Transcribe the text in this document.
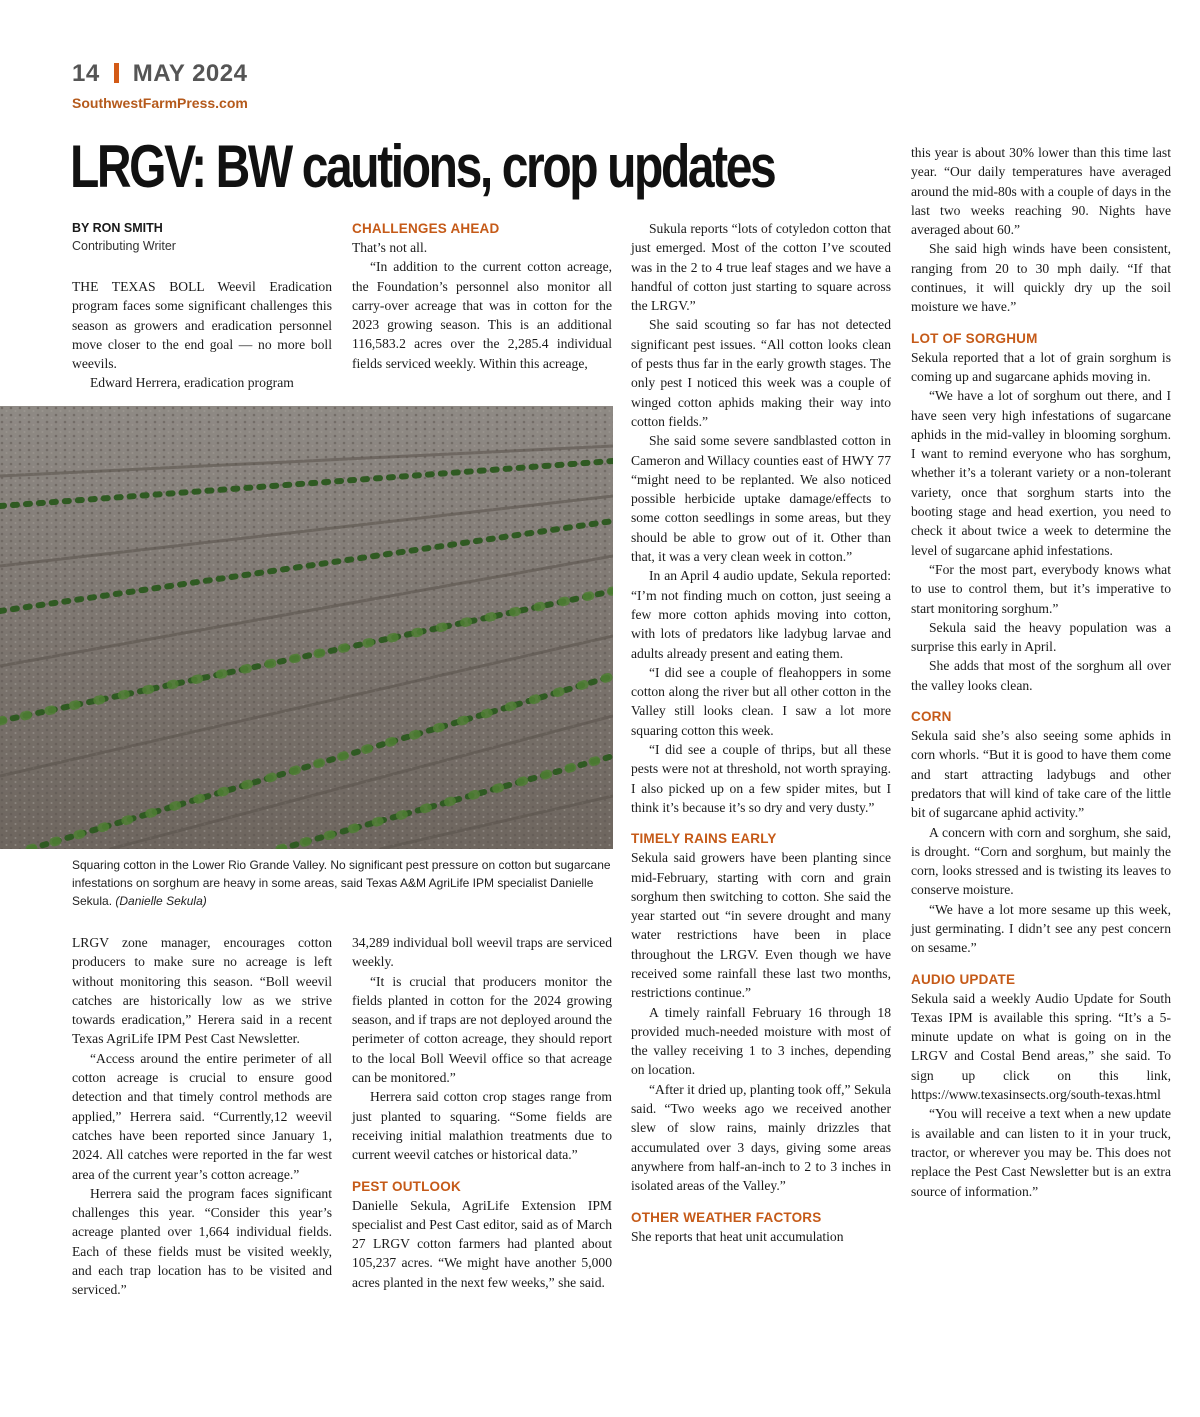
14 MAY 2024
SouthwestFarmPress.com
LRGV: BW cautions, crop updates
BY RON SMITH
Contributing Writer

THE TEXAS BOLL Weevil Eradication program faces some significant challenges this season as growers and eradication personnel move closer to the end goal — no more boll weevils.

Edward Herrera, eradication program

CHALLENGES AHEAD

That’s not all.

“In addition to the current cotton acreage, the Foundation’s personnel also monitor all carry-over acreage that was in cotton for the 2023 growing season. This is an additional 116,583.2 acres over the 2,285.4 individual fields serviced weekly. Within this acreage,

Squaring cotton in the Lower Rio Grande Valley. No significant pest pressure on cotton but sugarcane infestations on sorghum are heavy in some areas, said Texas A&M AgriLife IPM specialist Danielle Sekula. (Danielle Sekula)

LRGV zone manager, encourages cotton producers to make sure no acreage is left without monitoring this season. “Boll weevil catches are historically low as we strive towards eradication,” Herera said in a recent Texas AgriLife IPM Pest Cast Newsletter.

“Access around the entire perimeter of all cotton acreage is crucial to ensure good detection and that timely control methods are applied,” Herrera said. “Currently,12 weevil catches have been reported since January 1, 2024. All catches were reported in the far west area of the current year’s cotton acreage.”

Herrera said the program faces significant challenges this year. “Consider this year’s acreage planted over 1,664 individual fields. Each of these fields must be visited weekly, and each trap location has to be visited and serviced.”

34,289 individual boll weevil traps are serviced weekly.

“It is crucial that producers monitor the fields planted in cotton for the 2024 growing season, and if traps are not deployed around the perimeter of cotton acreage, they should report to the local Boll Weevil office so that acreage can be monitored.”

Herrera said cotton crop stages range from just planted to squaring. “Some fields are receiving initial malathion treatments due to current weevil catches or historical data.”

PEST OUTLOOK

Danielle Sekula, AgriLife Extension IPM specialist and Pest Cast editor, said as of March 27 LRGV cotton farmers had planted about 105,237 acres. “We might have another 5,000 acres planted in the next few weeks,” she said.

Sukula reports “lots of cotyledon cotton that just emerged. Most of the cotton I’ve scouted was in the 2 to 4 true leaf stages and we have a handful of cotton just starting to square across the LRGV.”

She said scouting so far has not detected significant pest issues. “All cotton looks clean of pests thus far in the early growth stages. The only pest I noticed this week was a couple of winged cotton aphids making their way into cotton fields.”

She said some severe sandblasted cotton in Cameron and Willacy counties east of HWY 77 “might need to be replanted. We also noticed possible herbicide uptake damage/effects to some cotton seedlings in some areas, but they should be able to grow out of it. Other than that, it was a very clean week in cotton.”

In an April 4 audio update, Sekula reported: “I’m not finding much on cotton, just seeing a few more cotton aphids moving into cotton, with lots of predators like ladybug larvae and adults already present and eating them.

“I did see a couple of fleahoppers in some cotton along the river but all other cotton in the Valley still looks clean. I saw a lot more squaring cotton this week.

“I did see a couple of thrips, but all these pests were not at threshold, not worth spraying. I also picked up on a few spider mites, but I think it’s because it’s so dry and very dusty.”

TIMELY RAINS EARLY

Sekula said growers have been planting since mid-February, starting with corn and grain sorghum then switching to cotton. She said the year started out “in severe drought and many water restrictions have been in place throughout the LRGV. Even though we have received some rainfall these last two months, restrictions continue.”

A timely rainfall February 16 through 18 provided much-needed moisture with most of the valley receiving 1 to 3 inches, depending on location.

“After it dried up, planting took off,” Sekula said. “Two weeks ago we received another slew of slow rains, mainly drizzles that accumulated over 3 days, giving some areas anywhere from half-an-inch to 2 to 3 inches in isolated areas of the Valley.”

OTHER WEATHER FACTORS

She reports that heat unit accumulation

this year is about 30% lower than this time last year. “Our daily temperatures have averaged around the mid-80s with a couple of days in the last two weeks reaching 90. Nights have averaged about 60.”

She said high winds have been consistent, ranging from 20 to 30 mph daily. “If that continues, it will quickly dry up the soil moisture we have.”

LOT OF SORGHUM

Sekula reported that a lot of grain sorghum is coming up and sugarcane aphids moving in.

“We have a lot of sorghum out there, and I have seen very high infestations of sugarcane aphids in the mid-valley in blooming sorghum. I want to remind everyone who has sorghum, whether it’s a tolerant variety or a non-tolerant variety, once that sorghum starts into the booting stage and head exertion, you need to check it about twice a week to determine the level of sugarcane aphid infestations.

“For the most part, everybody knows what to use to control them, but it’s imperative to start monitoring sorghum.”

Sekula said the heavy population was a surprise this early in April.

She adds that most of the sorghum all over the valley looks clean.

CORN

Sekula said she’s also seeing some aphids in corn whorls. “But it is good to have them come and start attracting ladybugs and other predators that will kind of take care of the little bit of sugarcane aphid activity.”

A concern with corn and sorghum, she said, is drought. “Corn and sorghum, but mainly the corn, looks stressed and is twisting its leaves to conserve moisture.

“We have a lot more sesame up this week, just germinating. I didn’t see any pest concern on sesame.”

AUDIO UPDATE

Sekula said a weekly Audio Update for South Texas IPM is available this spring. “It’s a 5-minute update on what is going on in the LRGV and Costal Bend areas,” she said. To sign up click on this link, https://www.texasinsects.org/south-texas.html

“You will receive a text when a new update is available and can listen to it in your truck, tractor, or wherever you may be. This does not replace the Pest Cast Newsletter but is an extra source of information.”
